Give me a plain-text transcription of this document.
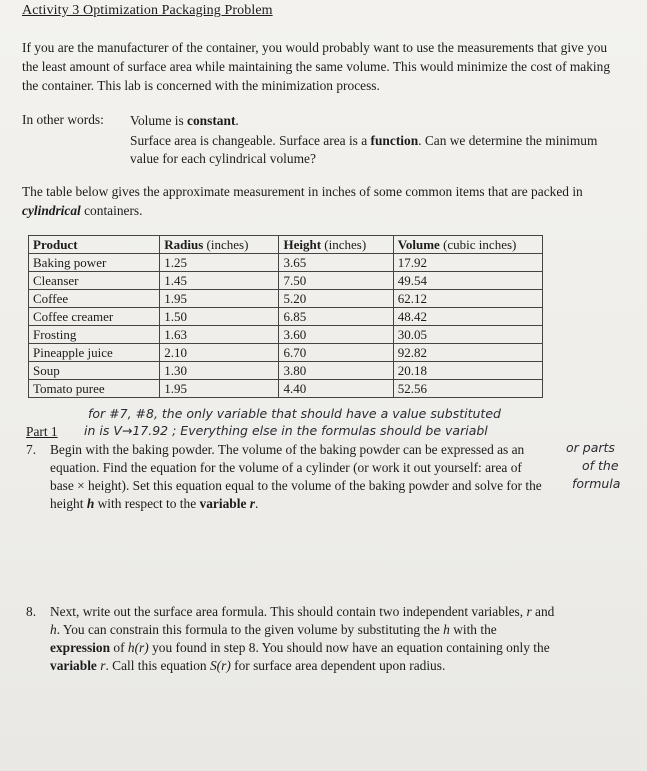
Activity 3 Optimization Packaging Problem
If you are the manufacturer of the container, you would probably want to use the measurements that give you the least amount of surface area while maintaining the same volume. This would minimize the cost of making the container. This lab is concerned with the minimization process.
In other words: Volume is constant.
Surface area is changeable. Surface area is a function. Can we determine the minimum value for each cylindrical volume?
The table below gives the approximate measurement in inches of some common items that are packed in cylindrical containers.
Product	Radius (inches)	Height (inches)	Volume (cubic inches)
Baking power	1.25	3.65	17.92
Cleanser	1.45	7.50	49.54
Coffee	1.95	5.20	62.12
Coffee creamer	1.50	6.85	48.42
Frosting	1.63	3.60	30.05
Pineapple juice	2.10	6.70	92.82
Soup	1.30	3.80	20.18
Tomato puree	1.95	4.40	52.56
for #7, #8, the only variable that should have a value substituted
Part 1 in is V→17.92 ; Everything else in the formulas should be variabl
or parts
of the
formula
7. Begin with the baking powder. The volume of the baking powder can be expressed as an equation. Find the equation for the volume of a cylinder (or work it out yourself: area of base × height). Set this equation equal to the volume of the baking powder and solve for the height h with respect to the variable r.
8. Next, write out the surface area formula. This should contain two independent variables, r and h. You can constrain this formula to the given volume by substituting the h with the expression of h(r) you found in step 8. You should now have an equation containing only the variable r. Call this equation S(r) for surface area dependent upon radius.
